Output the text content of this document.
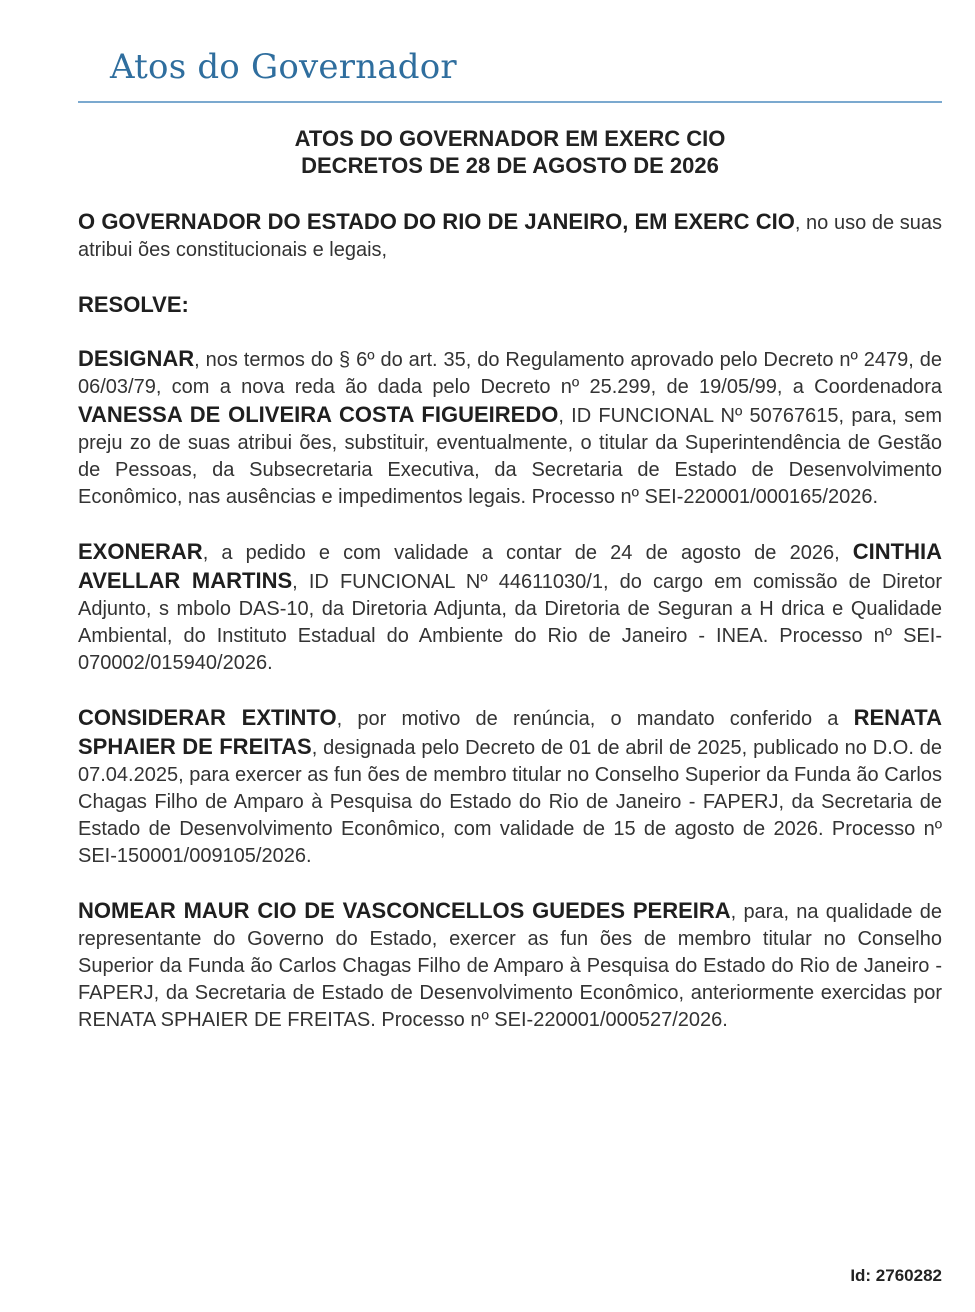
Atos do Governador
ATOS DO GOVERNADOR EM EXERC CIO
DECRETOS DE 28 DE AGOSTO DE 2026

O GOVERNADOR DO ESTADO DO RIO DE JANEIRO, EM EXERC CIO, no uso de suas atribui ões constitucionais e legais,

RESOLVE:

DESIGNAR, nos termos do § 6º do art. 35, do Regulamento aprovado pelo Decreto nº 2479, de 06/03/79, com a nova reda ão dada pelo Decreto nº 25.299, de 19/05/99, a Coordenadora VANESSA DE OLIVEIRA COSTA FIGUEIREDO, ID FUNCIONAL Nº 50767615, para, sem preju zo de suas atribui ões, substituir, eventualmente, o titular da Superintendência de Gestão de Pessoas, da Subsecretaria Executiva, da Secretaria de Estado de Desenvolvimento Econômico, nas ausências e impedimentos legais. Processo nº SEI-220001/000165/2026.

EXONERAR, a pedido e com validade a contar de 24 de agosto de 2026, CINTHIA AVELLAR MARTINS, ID FUNCIONAL Nº 44611030/1, do cargo em comissão de Diretor Adjunto, s mbolo DAS-10, da Diretoria Adjunta, da Diretoria de Seguran a H drica e Qualidade Ambiental, do Instituto Estadual do Ambiente do Rio de Janeiro - INEA. Processo nº SEI-070002/015940/2026.

CONSIDERAR EXTINTO, por motivo de renúncia, o mandato conferido a RENATA SPHAIER DE FREITAS, designada pelo Decreto de 01 de abril de 2025, publicado no D.O. de 07.04.2025, para exercer as fun ões de membro titular no Conselho Superior da Funda ão Carlos Chagas Filho de Amparo à Pesquisa do Estado do Rio de Janeiro - FAPERJ, da Secretaria de Estado de Desenvolvimento Econômico, com validade de 15 de agosto de 2026. Processo nº SEI-150001/009105/2026.

NOMEAR MAUR CIO DE VASCONCELLOS GUEDES PEREIRA, para, na qualidade de representante do Governo do Estado, exercer as fun ões de membro titular no Conselho Superior da Funda ão Carlos Chagas Filho de Amparo à Pesquisa do Estado do Rio de Janeiro - FAPERJ, da Secretaria de Estado de Desenvolvimento Econômico, anteriormente exercidas por RENATA SPHAIER DE FREITAS. Processo nº SEI-220001/000527/2026.

Id: 2760282
